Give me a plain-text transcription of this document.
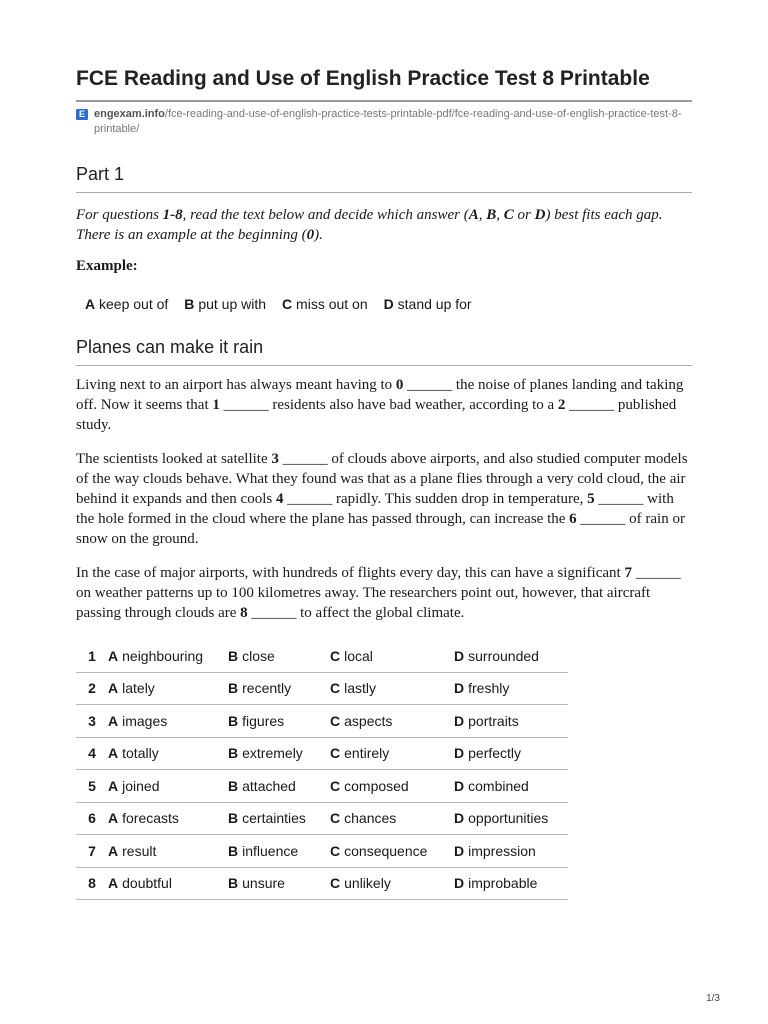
FCE Reading and Use of English Practice Test 8 Printable
E engexam.info/fce-reading-and-use-of-english-practice-tests-printable-pdf/fce-reading-and-use-of-english-practice-test-8-printable/
Part 1

For questions 1-8, read the text below and decide which answer (A, B, C or D) best fits each gap. There is an example at the beginning (0).

Example:

A keep out of B put up with C miss out on D stand up for
Planes can make it rain

Living next to an airport has always meant having to 0 ______ the noise of planes landing and taking off. Now it seems that 1 ______ residents also have bad weather, according to a 2 ______ published study.

The scientists looked at satellite 3 ______ of clouds above airports, and also studied computer models of the way clouds behave. What they found was that as a plane flies through a very cold cloud, the air behind it expands and then cools 4 ______ rapidly. This sudden drop in temperature, 5 ______ with the hole formed in the cloud where the plane has passed through, can increase the 6 ______ of rain or snow on the ground.

In the case of major airports, with hundreds of flights every day, this can have a significant 7 ______ on weather patterns up to 100 kilometres away. The researchers point out, however, that aircraft passing through clouds are 8 ______ to affect the global climate.

1	A neighbouring	B close	C local	D surrounded
2	A lately	B recently	C lastly	D freshly
3	A images	B figures	C aspects	D portraits
4	A totally	B extremely	C entirely	D perfectly
5	A joined	B attached	C composed	D combined
6	A forecasts	B certainties	C chances	D opportunities
7	A result	B influence	C consequence	D impression
8	A doubtful	B unsure	C unlikely	D improbable
1/3
